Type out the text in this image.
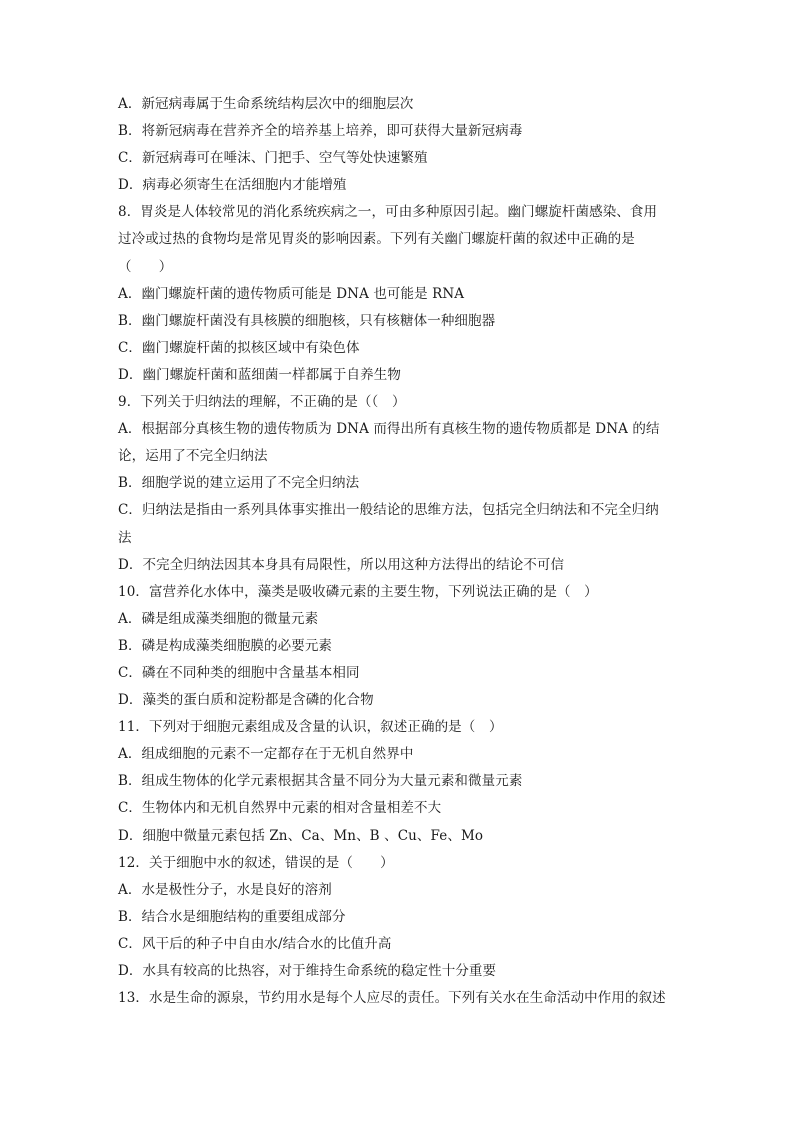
A．新冠病毒属于生命系统结构层次中的细胞层次
B．将新冠病毒在营养齐全的培养基上培养，即可获得大量新冠病毒
C．新冠病毒可在唾沫、门把手、空气等处快速繁殖
D．病毒必须寄生在活细胞内才能增殖
8．胃炎是人体较常见的消化系统疾病之一，可由多种原因引起。幽门螺旋杆菌感染、食用
过冷或过热的食物均是常见胃炎的影响因素。下列有关幽门螺旋杆菌的叙述中正确的是
（　　）
A．幽门螺旋杆菌的遗传物质可能是 DNA 也可能是 RNA
B．幽门螺旋杆菌没有具核膜的细胞核，只有核糖体一种细胞器
C．幽门螺旋杆菌的拟核区域中有染色体
D．幽门螺旋杆菌和蓝细菌一样都属于自养生物
9．下列关于归纳法的理解，不正确的是（（　）
A．根据部分真核生物的遗传物质为 DNA 而得出所有真核生物的遗传物质都是 DNA 的结
论，运用了不完全归纳法
B．细胞学说的建立运用了不完全归纳法
C．归纳法是指由一系列具体事实推出一般结论的思维方法，包括完全归纳法和不完全归纳
法
D．不完全归纳法因其本身具有局限性，所以用这种方法得出的结论不可信
10．富营养化水体中，藻类是吸收磷元素的主要生物，下列说法正确的是（　）
A．磷是组成藻类细胞的微量元素
B．磷是构成藻类细胞膜的必要元素
C．磷在不同种类的细胞中含量基本相同
D．藻类的蛋白质和淀粉都是含磷的化合物
11．下列对于细胞元素组成及含量的认识，叙述正确的是（　）
A．组成细胞的元素不一定都存在于无机自然界中
B．组成生物体的化学元素根据其含量不同分为大量元素和微量元素
C．生物体内和无机自然界中元素的相对含量相差不大
D．细胞中微量元素包括 Zn、Ca、Mn、B 、Cu、Fe、Mo
12．关于细胞中水的叙述，错误的是（　　）
A．水是极性分子，水是良好的溶剂
B．结合水是细胞结构的重要组成部分
C．风干后的种子中自由水/结合水的比值升高
D．水具有较高的比热容，对于维持生命系统的稳定性十分重要
13．水是生命的源泉，节约用水是每个人应尽的责任。下列有关水在生命活动中作用的叙述
